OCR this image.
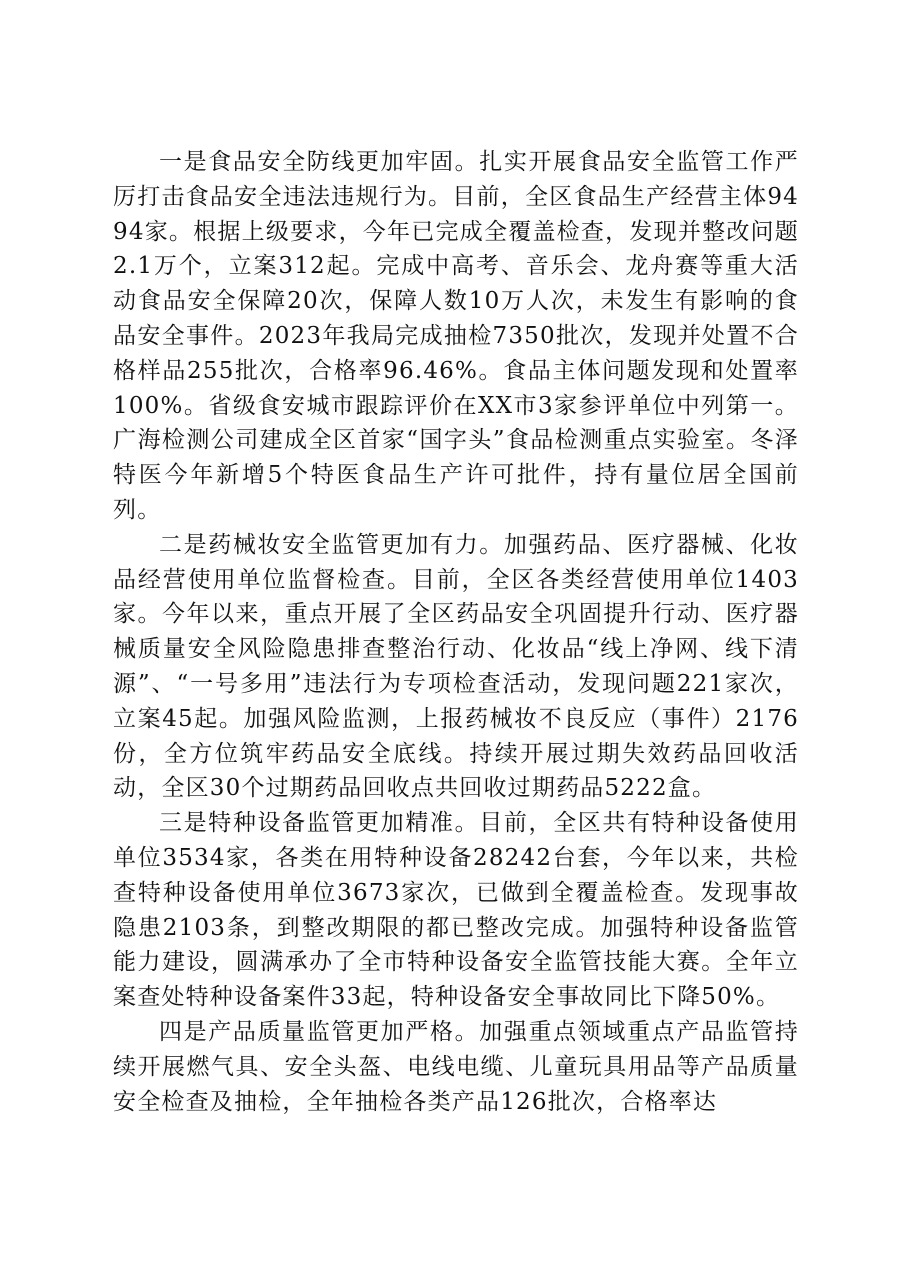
一是食品安全防线更加牢固。扎实开展食品安全监管工作严厉打击食品安全违法违规行为。目前，全区食品生产经营主体9494家。根据上级要求，今年已完成全覆盖检查，发现并整改问题2.1万个，立案312起。完成中高考、音乐会、龙舟赛等重大活动食品安全保障20次，保障人数10万人次，未发生有影响的食品安全事件。2023年我局完成抽检7350批次，发现并处置不合格样品255批次，合格率96.46%。食品主体问题发现和处置率100%。省级食安城市跟踪评价在XX市3家参评单位中列第一。广海检测公司建成全区首家“国字头”食品检测重点实验室。冬泽特医今年新增5个特医食品生产许可批件，持有量位居全国前列。

二是药械妆安全监管更加有力。加强药品、医疗器械、化妆品经营使用单位监督检查。目前，全区各类经营使用单位1403家。今年以来，重点开展了全区药品安全巩固提升行动、医疗器械质量安全风险隐患排查整治行动、化妆品“线上净网、线下清源”、“一号多用”违法行为专项检查活动，发现问题221家次，立案45起。加强风险监测，上报药械妆不良反应（事件）2176份，全方位筑牢药品安全底线。持续开展过期失效药品回收活动，全区30个过期药品回收点共回收过期药品5222盒。

三是特种设备监管更加精准。目前，全区共有特种设备使用单位3534家，各类在用特种设备28242台套，今年以来，共检查特种设备使用单位3673家次，已做到全覆盖检查。发现事故隐患2103条，到整改期限的都已整改完成。加强特种设备监管能力建设，圆满承办了全市特种设备安全监管技能大赛。全年立案查处特种设备案件33起，特种设备安全事故同比下降50%。

四是产品质量监管更加严格。加强重点领域重点产品监管持续开展燃气具、安全头盔、电线电缆、儿童玩具用品等产品质量安全检查及抽检，全年抽检各类产品126批次，合格率达
